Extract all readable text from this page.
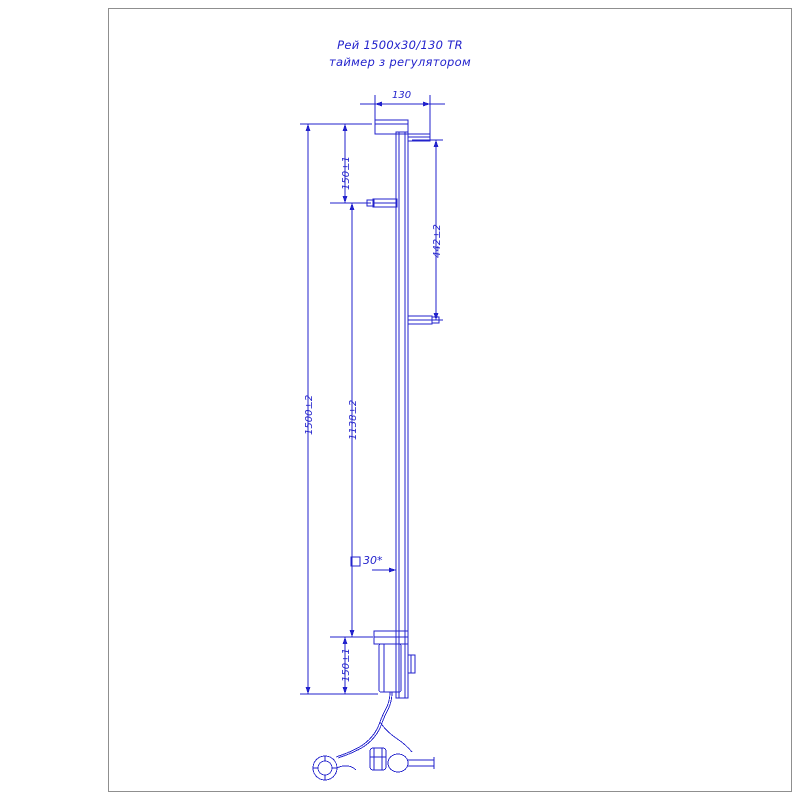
Рей 1500х30/130 TR
таймер з регулятором
130
150±1
442±2
1500±2	1138±2
150±1
30*
